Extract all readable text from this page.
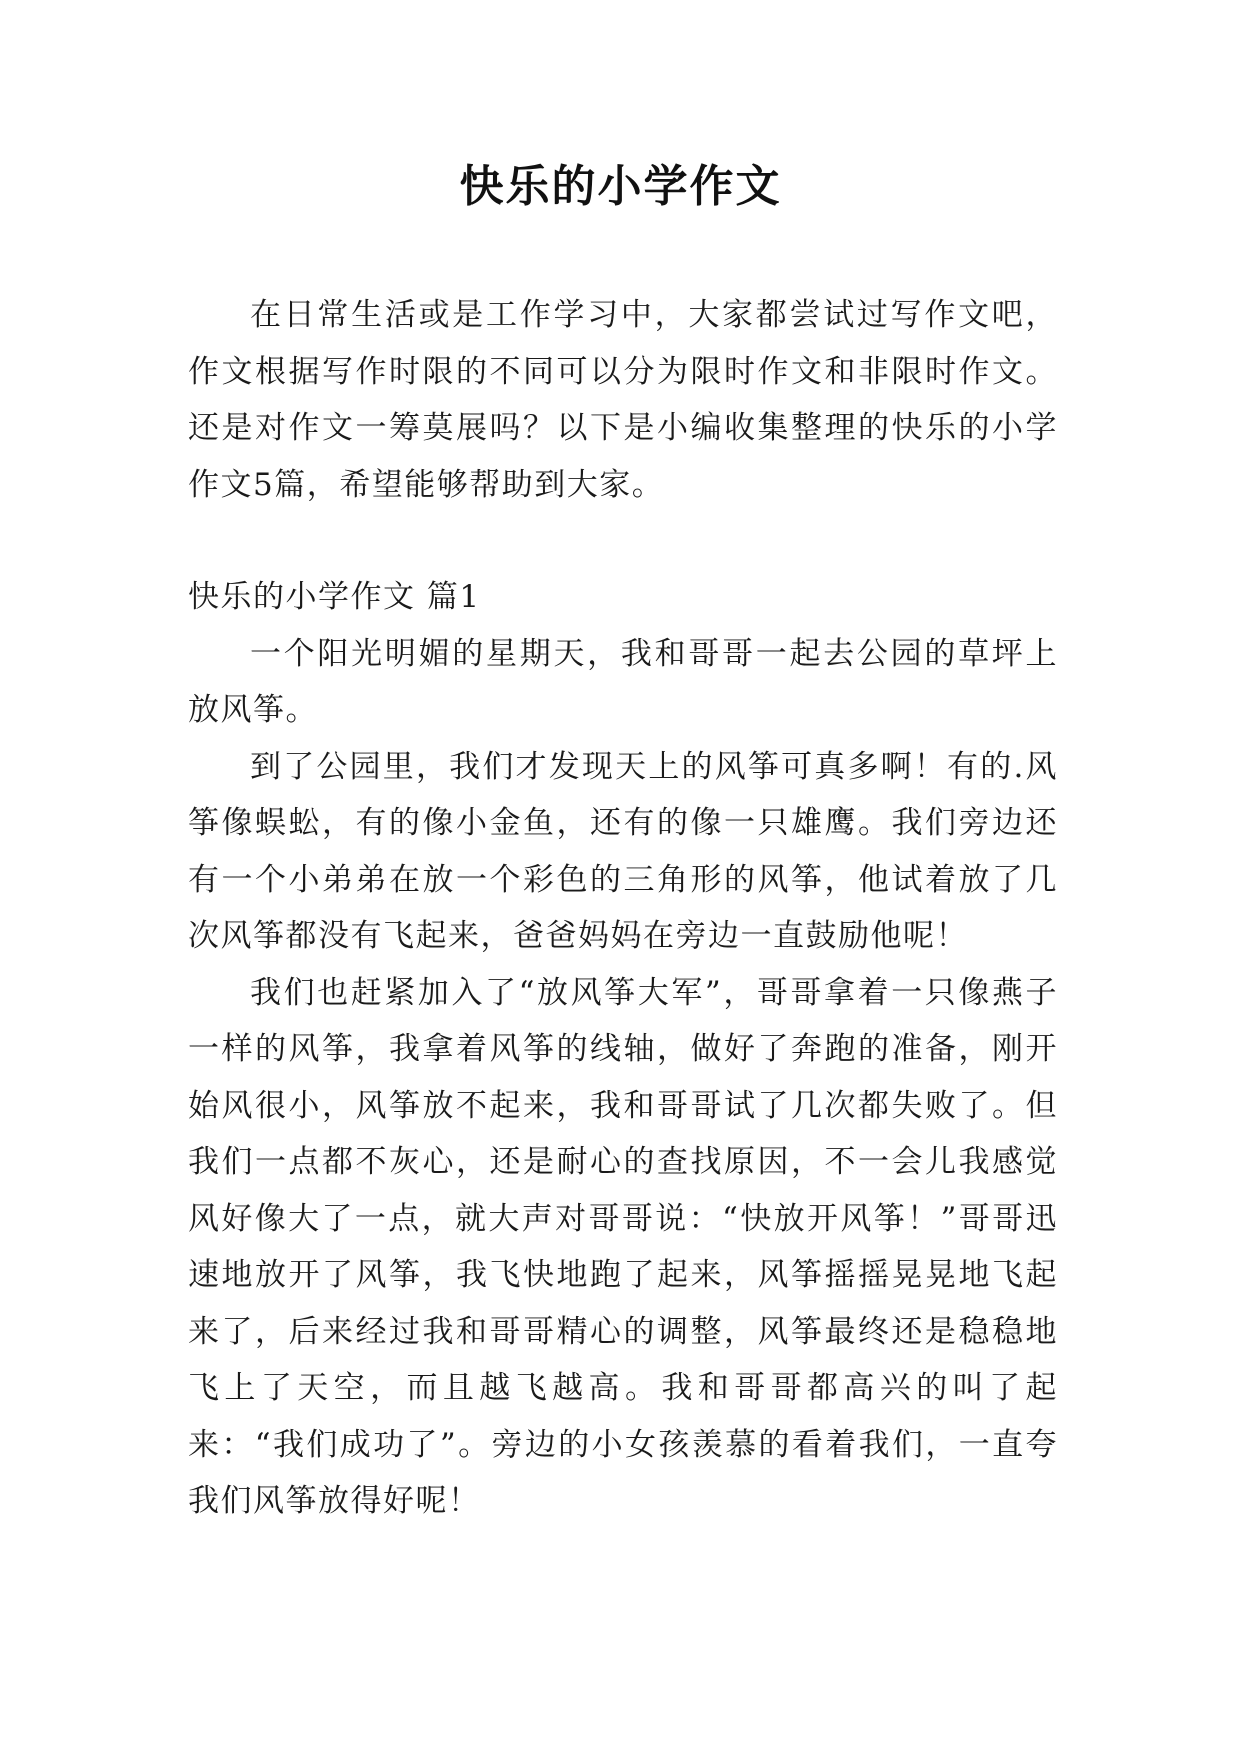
快乐的小学作文

在日常生活或是工作学习中，大家都尝试过写作文吧，作文根据写作时限的不同可以分为限时作文和非限时作文。还是对作文一筹莫展吗？以下是小编收集整理的快乐的小学作文5篇，希望能够帮助到大家。

快乐的小学作文 篇1

一个阳光明媚的星期天，我和哥哥一起去公园的草坪上放风筝。

到了公园里，我们才发现天上的风筝可真多啊！有的.风筝像蜈蚣，有的像小金鱼，还有的像一只雄鹰。我们旁边还有一个小弟弟在放一个彩色的三角形的风筝，他试着放了几次风筝都没有飞起来，爸爸妈妈在旁边一直鼓励他呢！

我们也赶紧加入了“放风筝大军”，哥哥拿着一只像燕子一样的风筝，我拿着风筝的线轴，做好了奔跑的准备，刚开始风很小，风筝放不起来，我和哥哥试了几次都失败了。但我们一点都不灰心，还是耐心的查找原因，不一会儿我感觉风好像大了一点，就大声对哥哥说：“快放开风筝！”哥哥迅速地放开了风筝，我飞快地跑了起来，风筝摇摇晃晃地飞起来了，后来经过我和哥哥精心的调整，风筝最终还是稳稳地飞上了天空，而且越飞越高。我和哥哥都高兴的叫了起来：“我们成功了”。旁边的小女孩羡慕的看着我们，一直夸我们风筝放得好呢！
